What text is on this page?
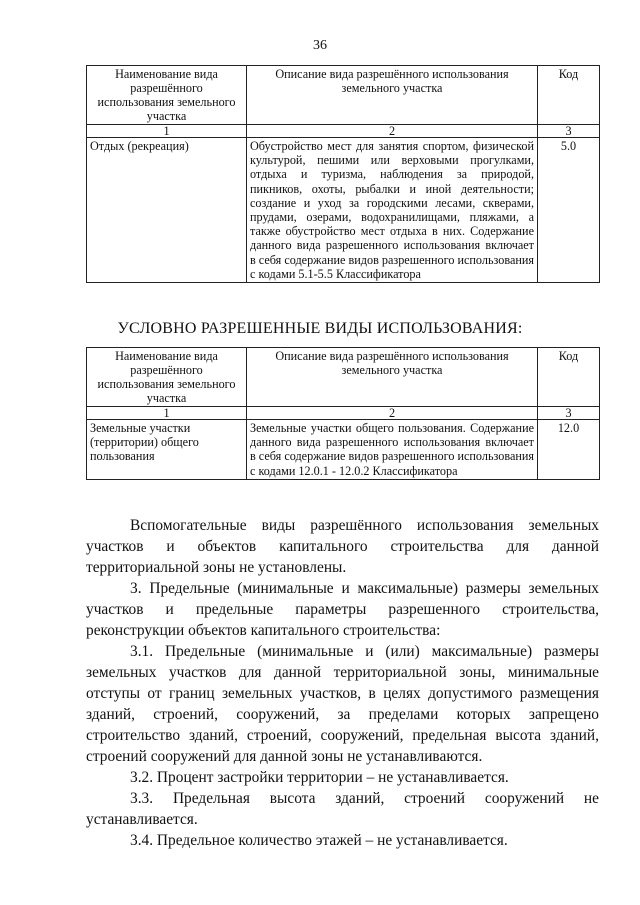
36
Наименование вида разрешённого использования земельного участка	Описание вида разрешённого использования земельного участка	Код
1	2	3
Отдых (рекреация)	Обустройство мест для занятия спортом, физической культурой, пешими или верховыми прогулками, отдыха и туризма, наблюдения за природой, пикников, охоты, рыбалки и иной деятельности; создание и уход за городскими лесами, скверами, прудами, озерами, водохранилищами, пляжами, а также обустройство мест отдыха в них. Содержание данного вида разрешенного использования включает в себя содержание видов разрешенного использования с кодами 5.1-5.5 Классификатора	5.0
УСЛОВНО РАЗРЕШЕННЫЕ ВИДЫ ИСПОЛЬЗОВАНИЯ:
Наименование вида разрешённого использования земельного участка	Описание вида разрешённого использования земельного участка	Код
1	2	3
Земельные участки (территории) общего пользования	Земельные участки общего пользования. Содержание данного вида разрешенного использования включает в себя содержание видов разрешенного использования с кодами 12.0.1 - 12.0.2 Классификатора	12.0

Вспомогательные виды разрешённого использования земельных участков и объектов капитального строительства для данной территориальной зоны не установлены.

3. Предельные (минимальные и максимальные) размеры земельных участков и предельные параметры разрешенного строительства, реконструкции объектов капитального строительства:

3.1. Предельные (минимальные и (или) максимальные) размеры земельных участков для данной территориальной зоны, минимальные отступы от границ земельных участков, в целях допустимого размещения зданий, строений, сооружений, за пределами которых запрещено строительство зданий, строений, сооружений, предельная высота зданий, строений сооружений для данной зоны не устанавливаются.

3.2. Процент застройки территории – не устанавливается.

3.3. Предельная высота зданий, строений сооружений не устанавливается.

3.4. Предельное количество этажей – не устанавливается.
